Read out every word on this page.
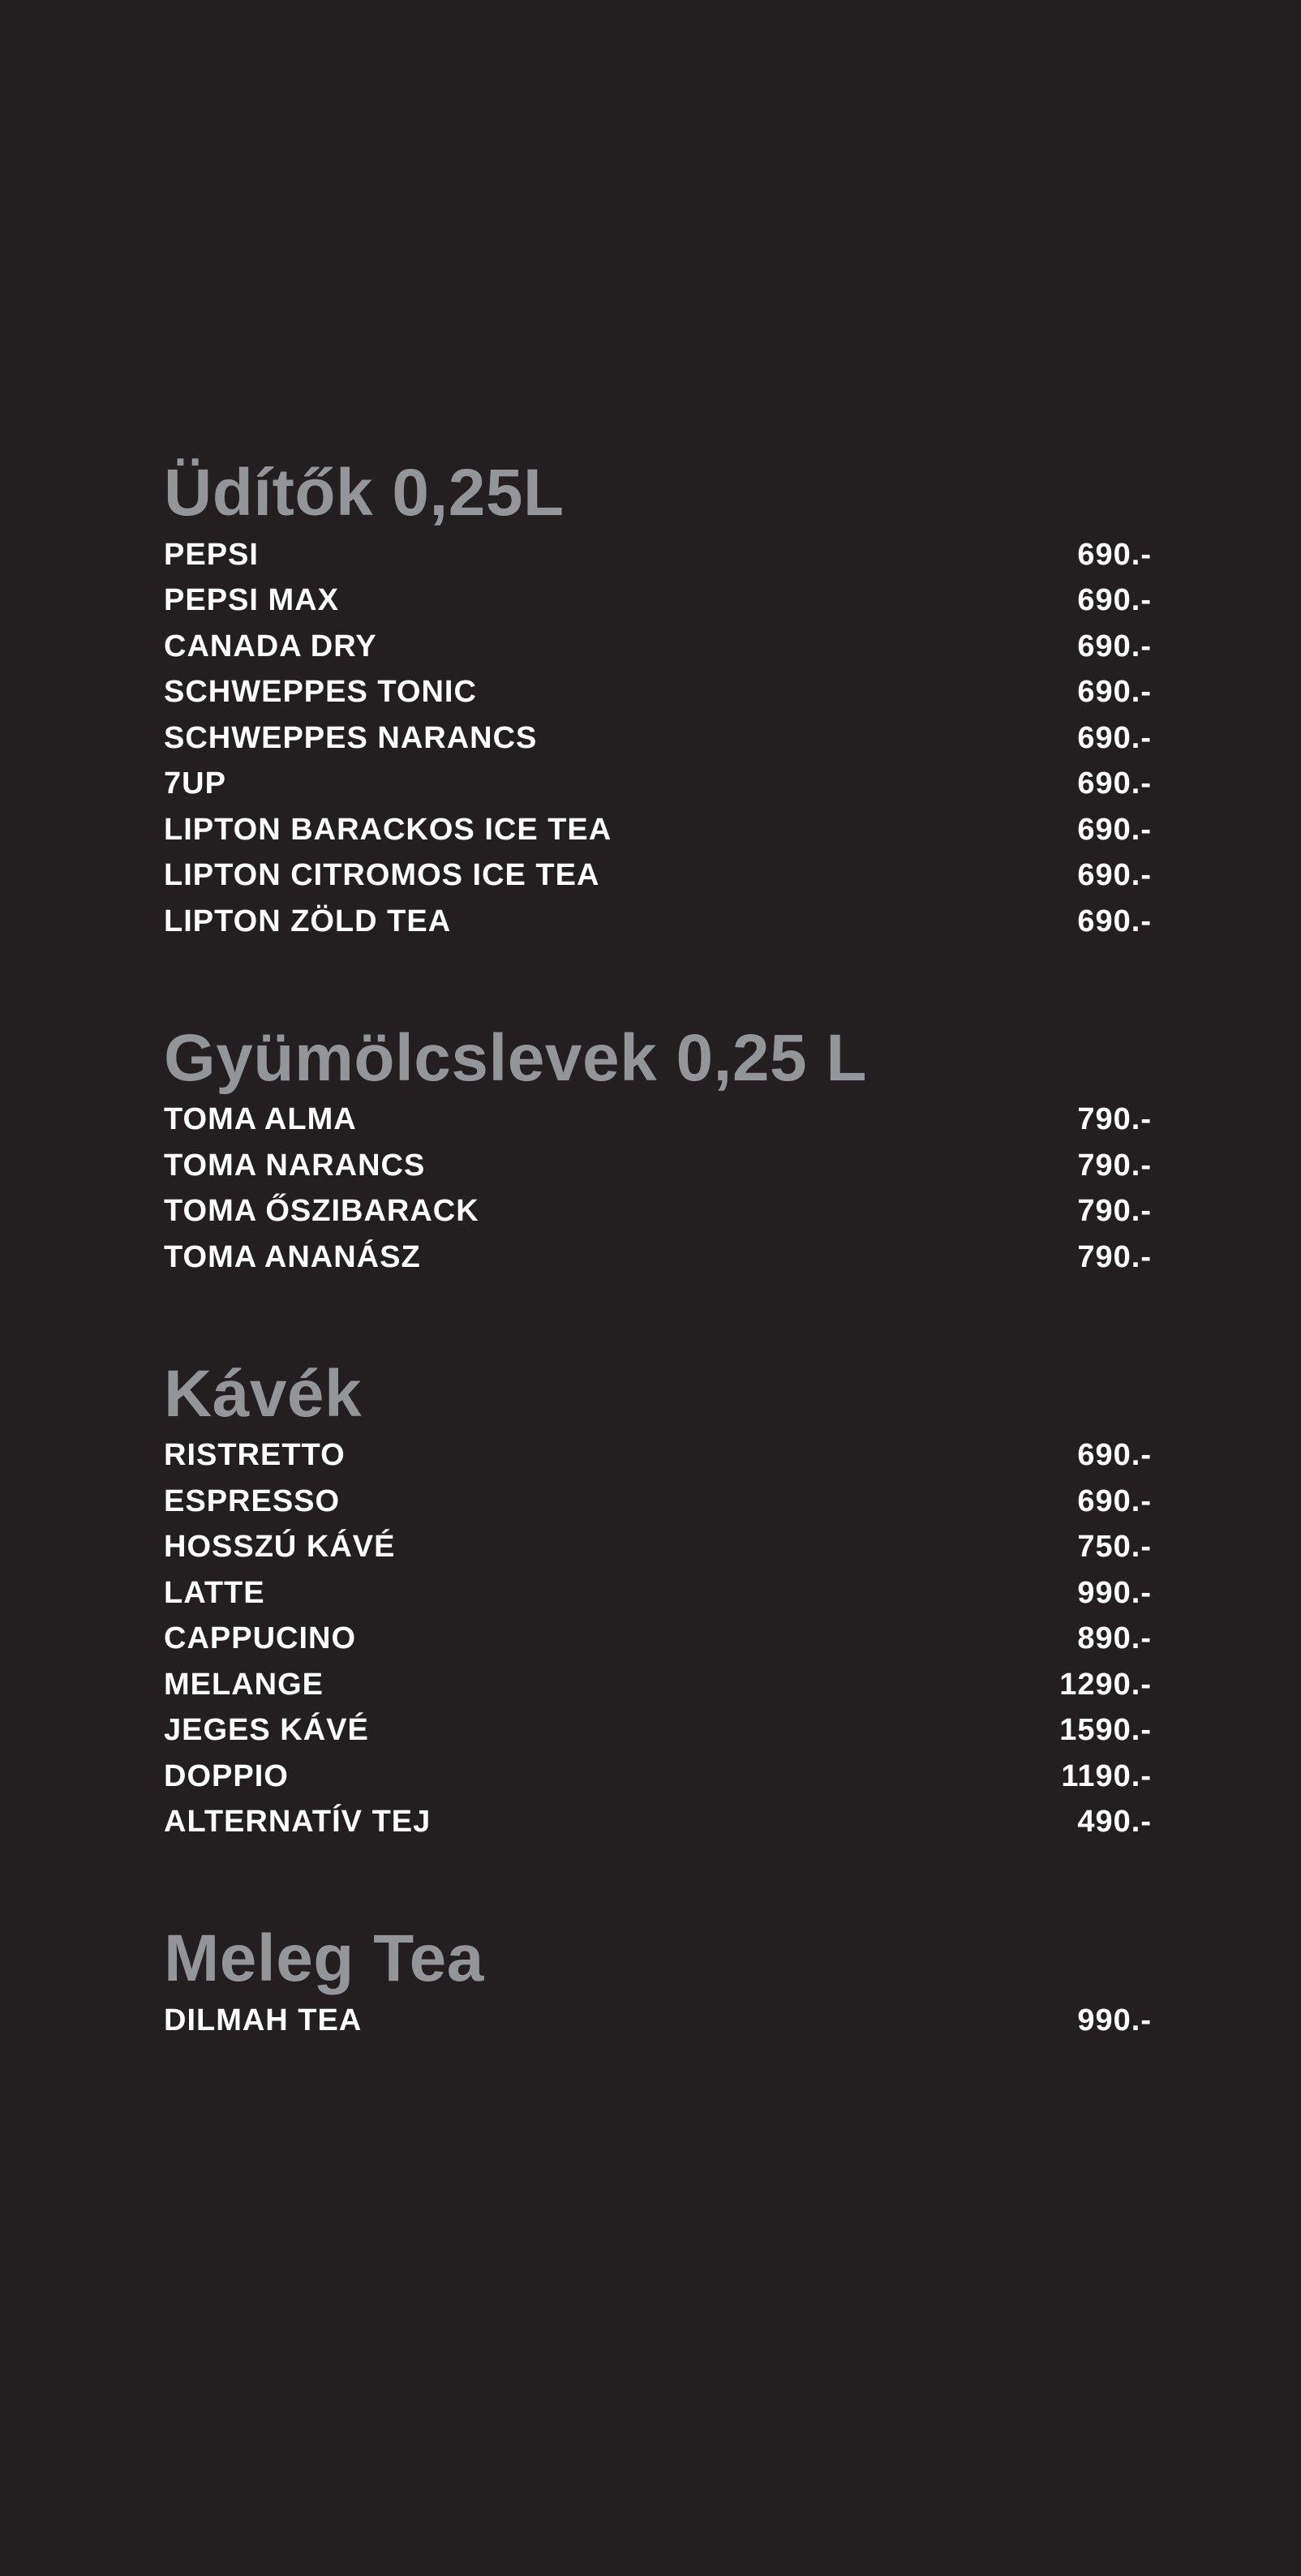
Üdítők 0,25L
PEPSI	690.-
PEPSI MAX	690.-
CANADA DRY	690.-
SCHWEPPES TONIC	690.-
SCHWEPPES NARANCS	690.-
7UP	690.-
LIPTON BARACKOS ICE TEA	690.-
LIPTON CITROMOS ICE TEA	690.-
LIPTON ZÖLD TEA	690.-
Gyümölcslevek 0,25 L
TOMA ALMA	790.-
TOMA NARANCS	790.-
TOMA ŐSZIBARACK	790.-
TOMA ANANÁSZ	790.-
Kávék
RISTRETTO	690.-
ESPRESSO	690.-
HOSSZÚ KÁVÉ	750.-
LATTE	990.-
CAPPUCINO	890.-
MELANGE	1290.-
JEGES KÁVÉ	1590.-
DOPPIO	1190.-
ALTERNATÍV TEJ	490.-
Meleg Tea
DILMAH TEA	990.-
